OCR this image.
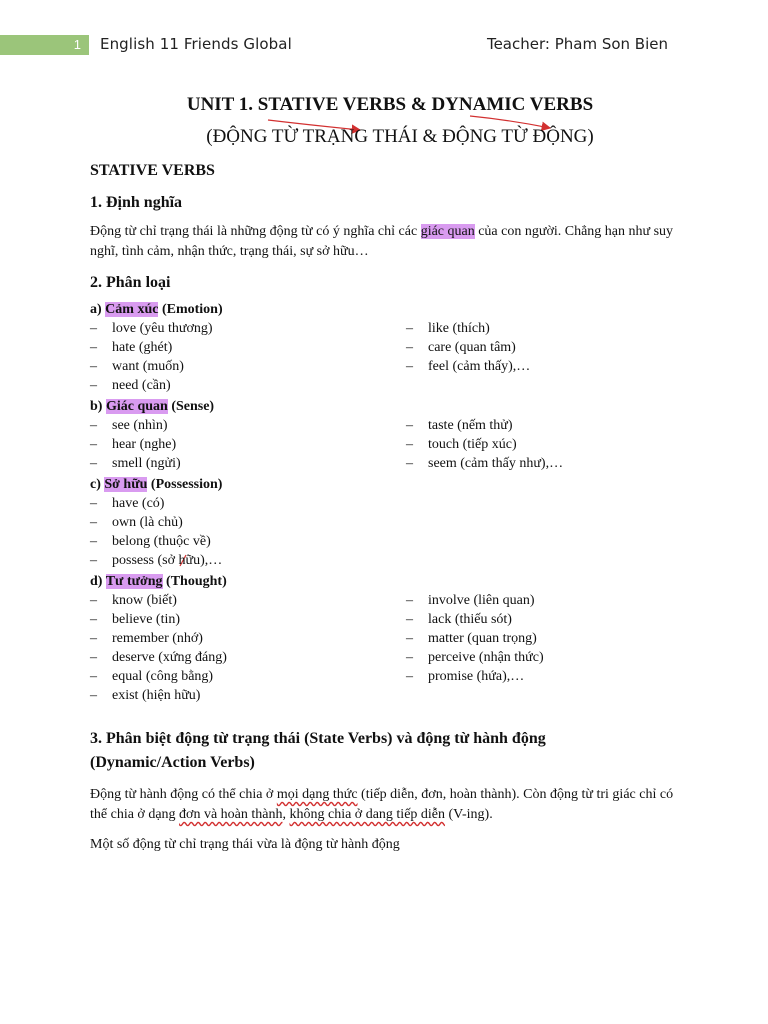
1	English 11 Friends Global	Teacher: Pham Son Bien
UNIT 1. STATIVE VERBS & DYNAMIC VERBS
(ĐỘNG TỪ TRẠNG THÁI & ĐỘNG TỪ ĐỘNG)
STATIVE VERBS
1. Định nghĩa

Động từ chỉ trạng thái là những động từ có ý nghĩa chỉ các giác quan của con người. Chẳng hạn như suy nghĩ, tình cảm, nhận thức, trạng thái, sự sở hữu…

2. Phân loại
a) Cảm xúc (Emotion)
– love (yêu thương)	– like (thích)
– hate (ghét)	– care (quan tâm)
– want (muốn)	– feel (cảm thấy),…
– need (cần)
b) Giác quan (Sense)
– see (nhìn)	– taste (nếm thử)
– hear (nghe)	– touch (tiếp xúc)
– smell (ngửi)	– seem (cảm thấy như),…
c) Sở hữu (Possession)
– have (có)
– own (là chủ)
– belong (thuộc về)
– possess (sở hữu),…
d) Tư tưởng (Thought)
– know (biết)	– involve (liên quan)
– believe (tin)	– lack (thiếu sót)
– remember (nhớ)	– matter (quan trọng)
– deserve (xứng đáng)	– perceive (nhận thức)
– equal (công bằng)	– promise (hứa),…
– exist (hiện hữu)
3. Phân biệt động từ trạng thái (State Verbs) và động từ hành động
(Dynamic/Action Verbs)

Động từ hành động có thể chia ở mọi dạng thức (tiếp diễn, đơn, hoàn thành). Còn động từ tri giác chỉ có thể chia ở dạng đơn và hoàn thành, không chia ở dang tiếp diễn (V-ing).

Một số động từ chỉ trạng thái vừa là động từ hành động
